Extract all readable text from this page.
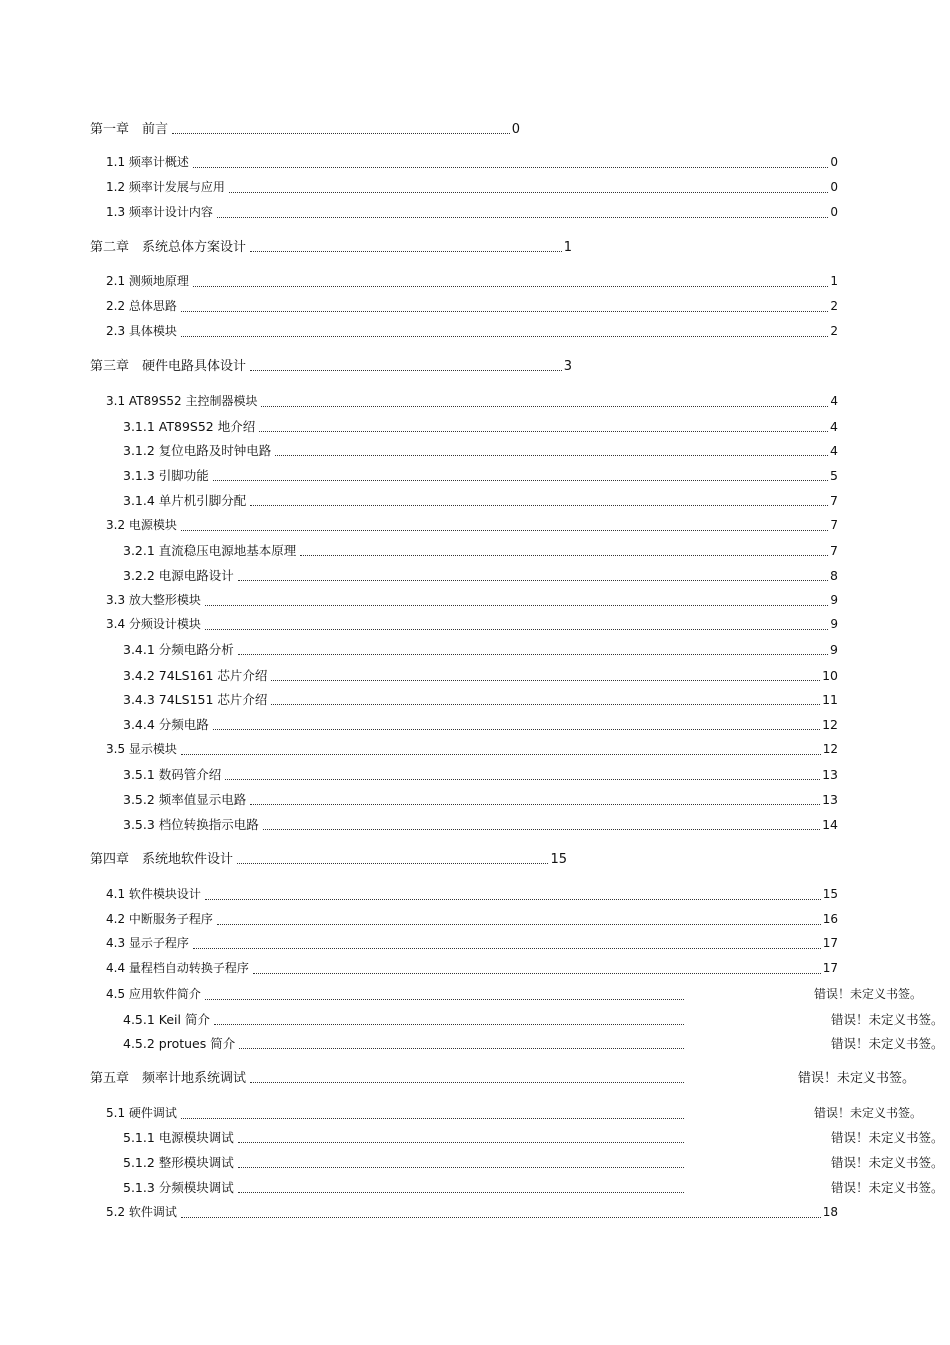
第一章　前言	0
1.1 频率计概述	0
1.2 频率计发展与应用	0
1.3 频率计设计内容	0
第二章　系统总体方案设计	1
2.1 测频地原理	1
2.2 总体思路	2
2.3 具体模块	2
第三章　硬件电路具体设计	3
3.1 AT89S52 主控制器模块	4
3.1.1 AT89S52 地介绍	4
3.1.2 复位电路及时钟电路	4
3.1.3 引脚功能	5
3.1.4 单片机引脚分配	7
3.2 电源模块	7
3.2.1 直流稳压电源地基本原理	7
3.2.2 电源电路设计	8
3.3 放大整形模块	9
3.4 分频设计模块	9
3.4.1 分频电路分析	9
3.4.2 74LS161 芯片介绍	10
3.4.3 74LS151 芯片介绍	11
3.4.4 分频电路	12
3.5 显示模块	12
3.5.1 数码管介绍	13
3.5.2 频率值显示电路	13
3.5.3 档位转换指示电路	14
第四章　系统地软件设计	15
4.1 软件模块设计	15
4.2 中断服务子程序	16
4.3 显示子程序	17
4.4 量程档自动转换子程序	17
4.5 应用软件简介	错误！未定义书签。
4.5.1 Keil 简介	错误！未定义书签。
4.5.2 protues 简介	错误！未定义书签。
第五章　频率计地系统调试	错误！未定义书签。
5.1 硬件调试	错误！未定义书签。
5.1.1 电源模块调试	错误！未定义书签。
5.1.2 整形模块调试	错误！未定义书签。
5.1.3 分频模块调试	错误！未定义书签。
5.2 软件调试	18
